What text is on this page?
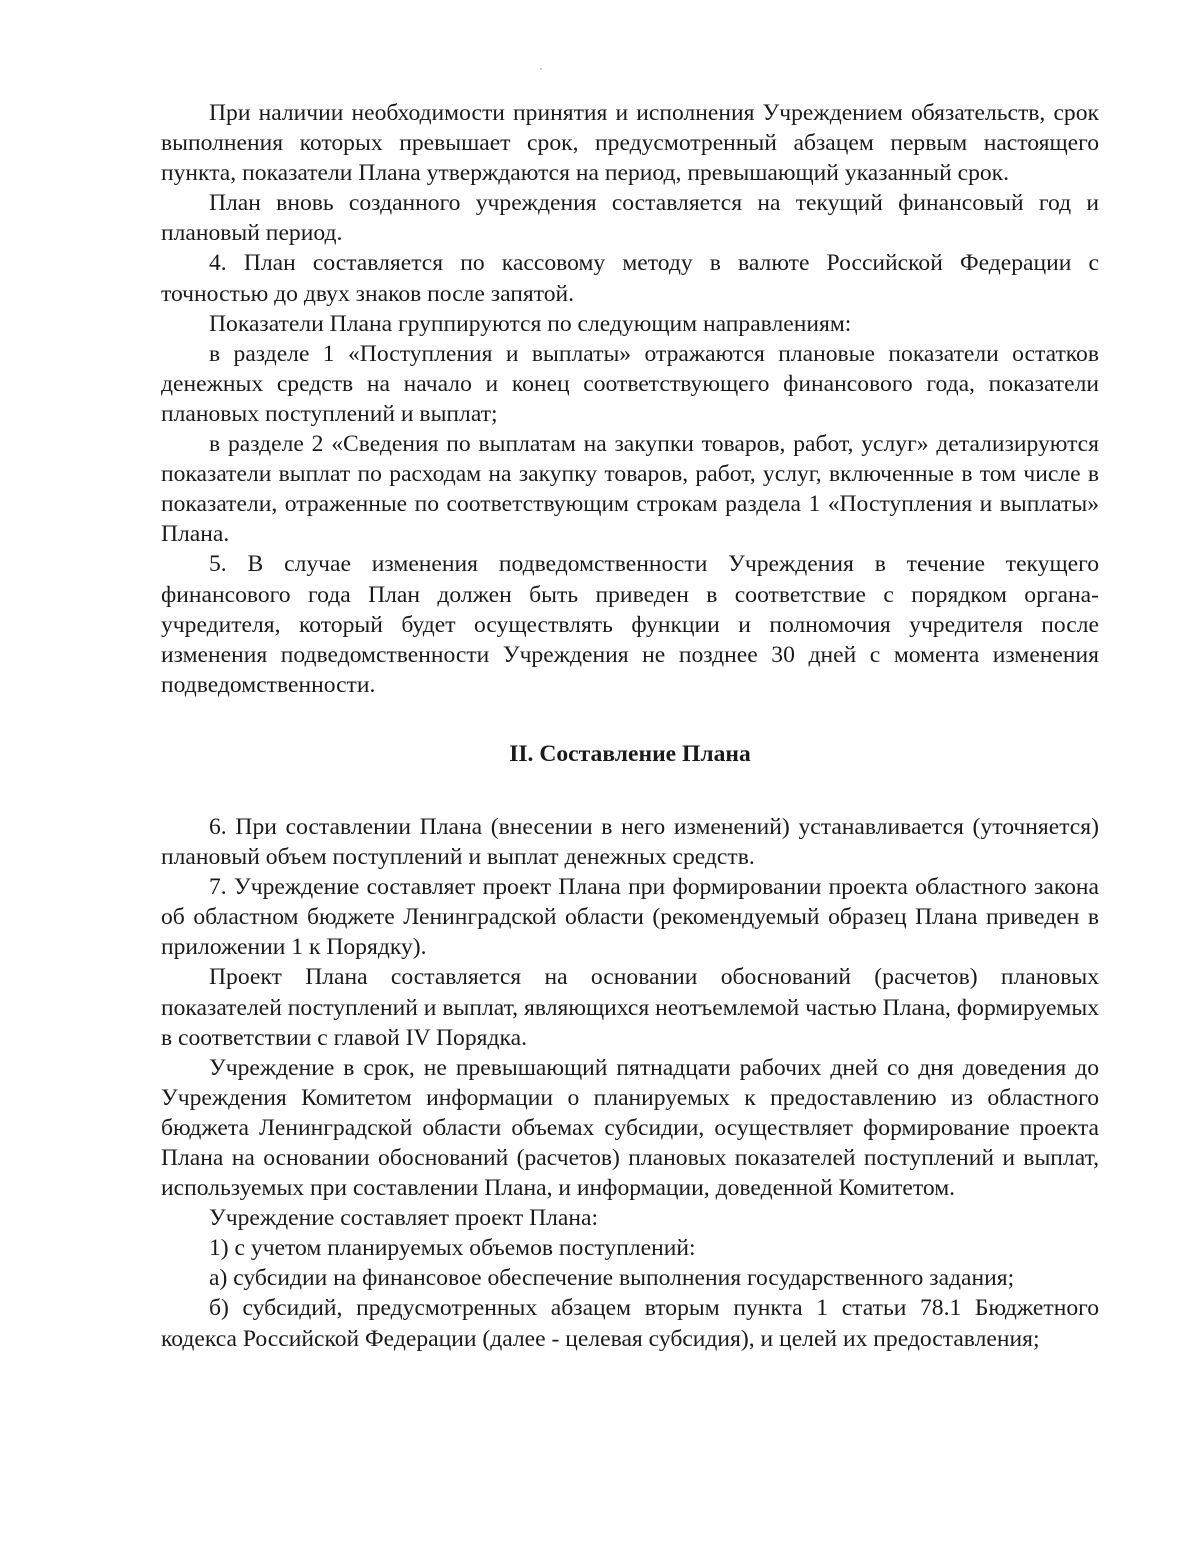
При наличии необходимости принятия и исполнения Учреждением обязательств, срок выполнения которых превышает срок, предусмотренный абзацем первым настоящего пункта, показатели Плана утверждаются на период, превышающий указанный срок.

План вновь созданного учреждения составляется на текущий финансовый год и плановый период.

4. План составляется по кассовому методу в валюте Российской Федерации с точностью до двух знаков после запятой.

Показатели Плана группируются по следующим направлениям:

в разделе 1 «Поступления и выплаты» отражаются плановые показатели остатков денежных средств на начало и конец соответствующего финансового года, показатели плановых поступлений и выплат;

в разделе 2 «Сведения по выплатам на закупки товаров, работ, услуг» детализируются показатели выплат по расходам на закупку товаров, работ, услуг, включенные в том числе в показатели, отраженные по соответствующим строкам раздела 1 «Поступления и выплаты» Плана.

5. В случае изменения подведомственности Учреждения в течение текущего финансового года План должен быть приведен в соответствие с порядком органа-учредителя, который будет осуществлять функции и полномочия учредителя после изменения подведомственности Учреждения не позднее 30 дней с момента изменения подведомственности.

II. Составление Плана

6. При составлении Плана (внесении в него изменений) устанавливается (уточняется) плановый объем поступлений и выплат денежных средств.

7. Учреждение составляет проект Плана при формировании проекта областного закона об областном бюджете Ленинградской области (рекомендуемый образец Плана приведен в приложении 1 к Порядку).

Проект Плана составляется на основании обоснований (расчетов) плановых показателей поступлений и выплат, являющихся неотъемлемой частью Плана, формируемых в соответствии с главой IV Порядка.

Учреждение в срок, не превышающий пятнадцати рабочих дней со дня доведения до Учреждения Комитетом информации о планируемых к предоставлению из областного бюджета Ленинградской области объемах субсидии, осуществляет формирование проекта Плана на основании обоснований (расчетов) плановых показателей поступлений и выплат, используемых при составлении Плана, и информации, доведенной Комитетом.

Учреждение составляет проект Плана:

1) с учетом планируемых объемов поступлений:

а) субсидии на финансовое обеспечение выполнения государственного задания;

б) субсидий, предусмотренных абзацем вторым пункта 1 статьи 78.1 Бюджетного кодекса Российской Федерации (далее - целевая субсидия), и целей их предоставления;
